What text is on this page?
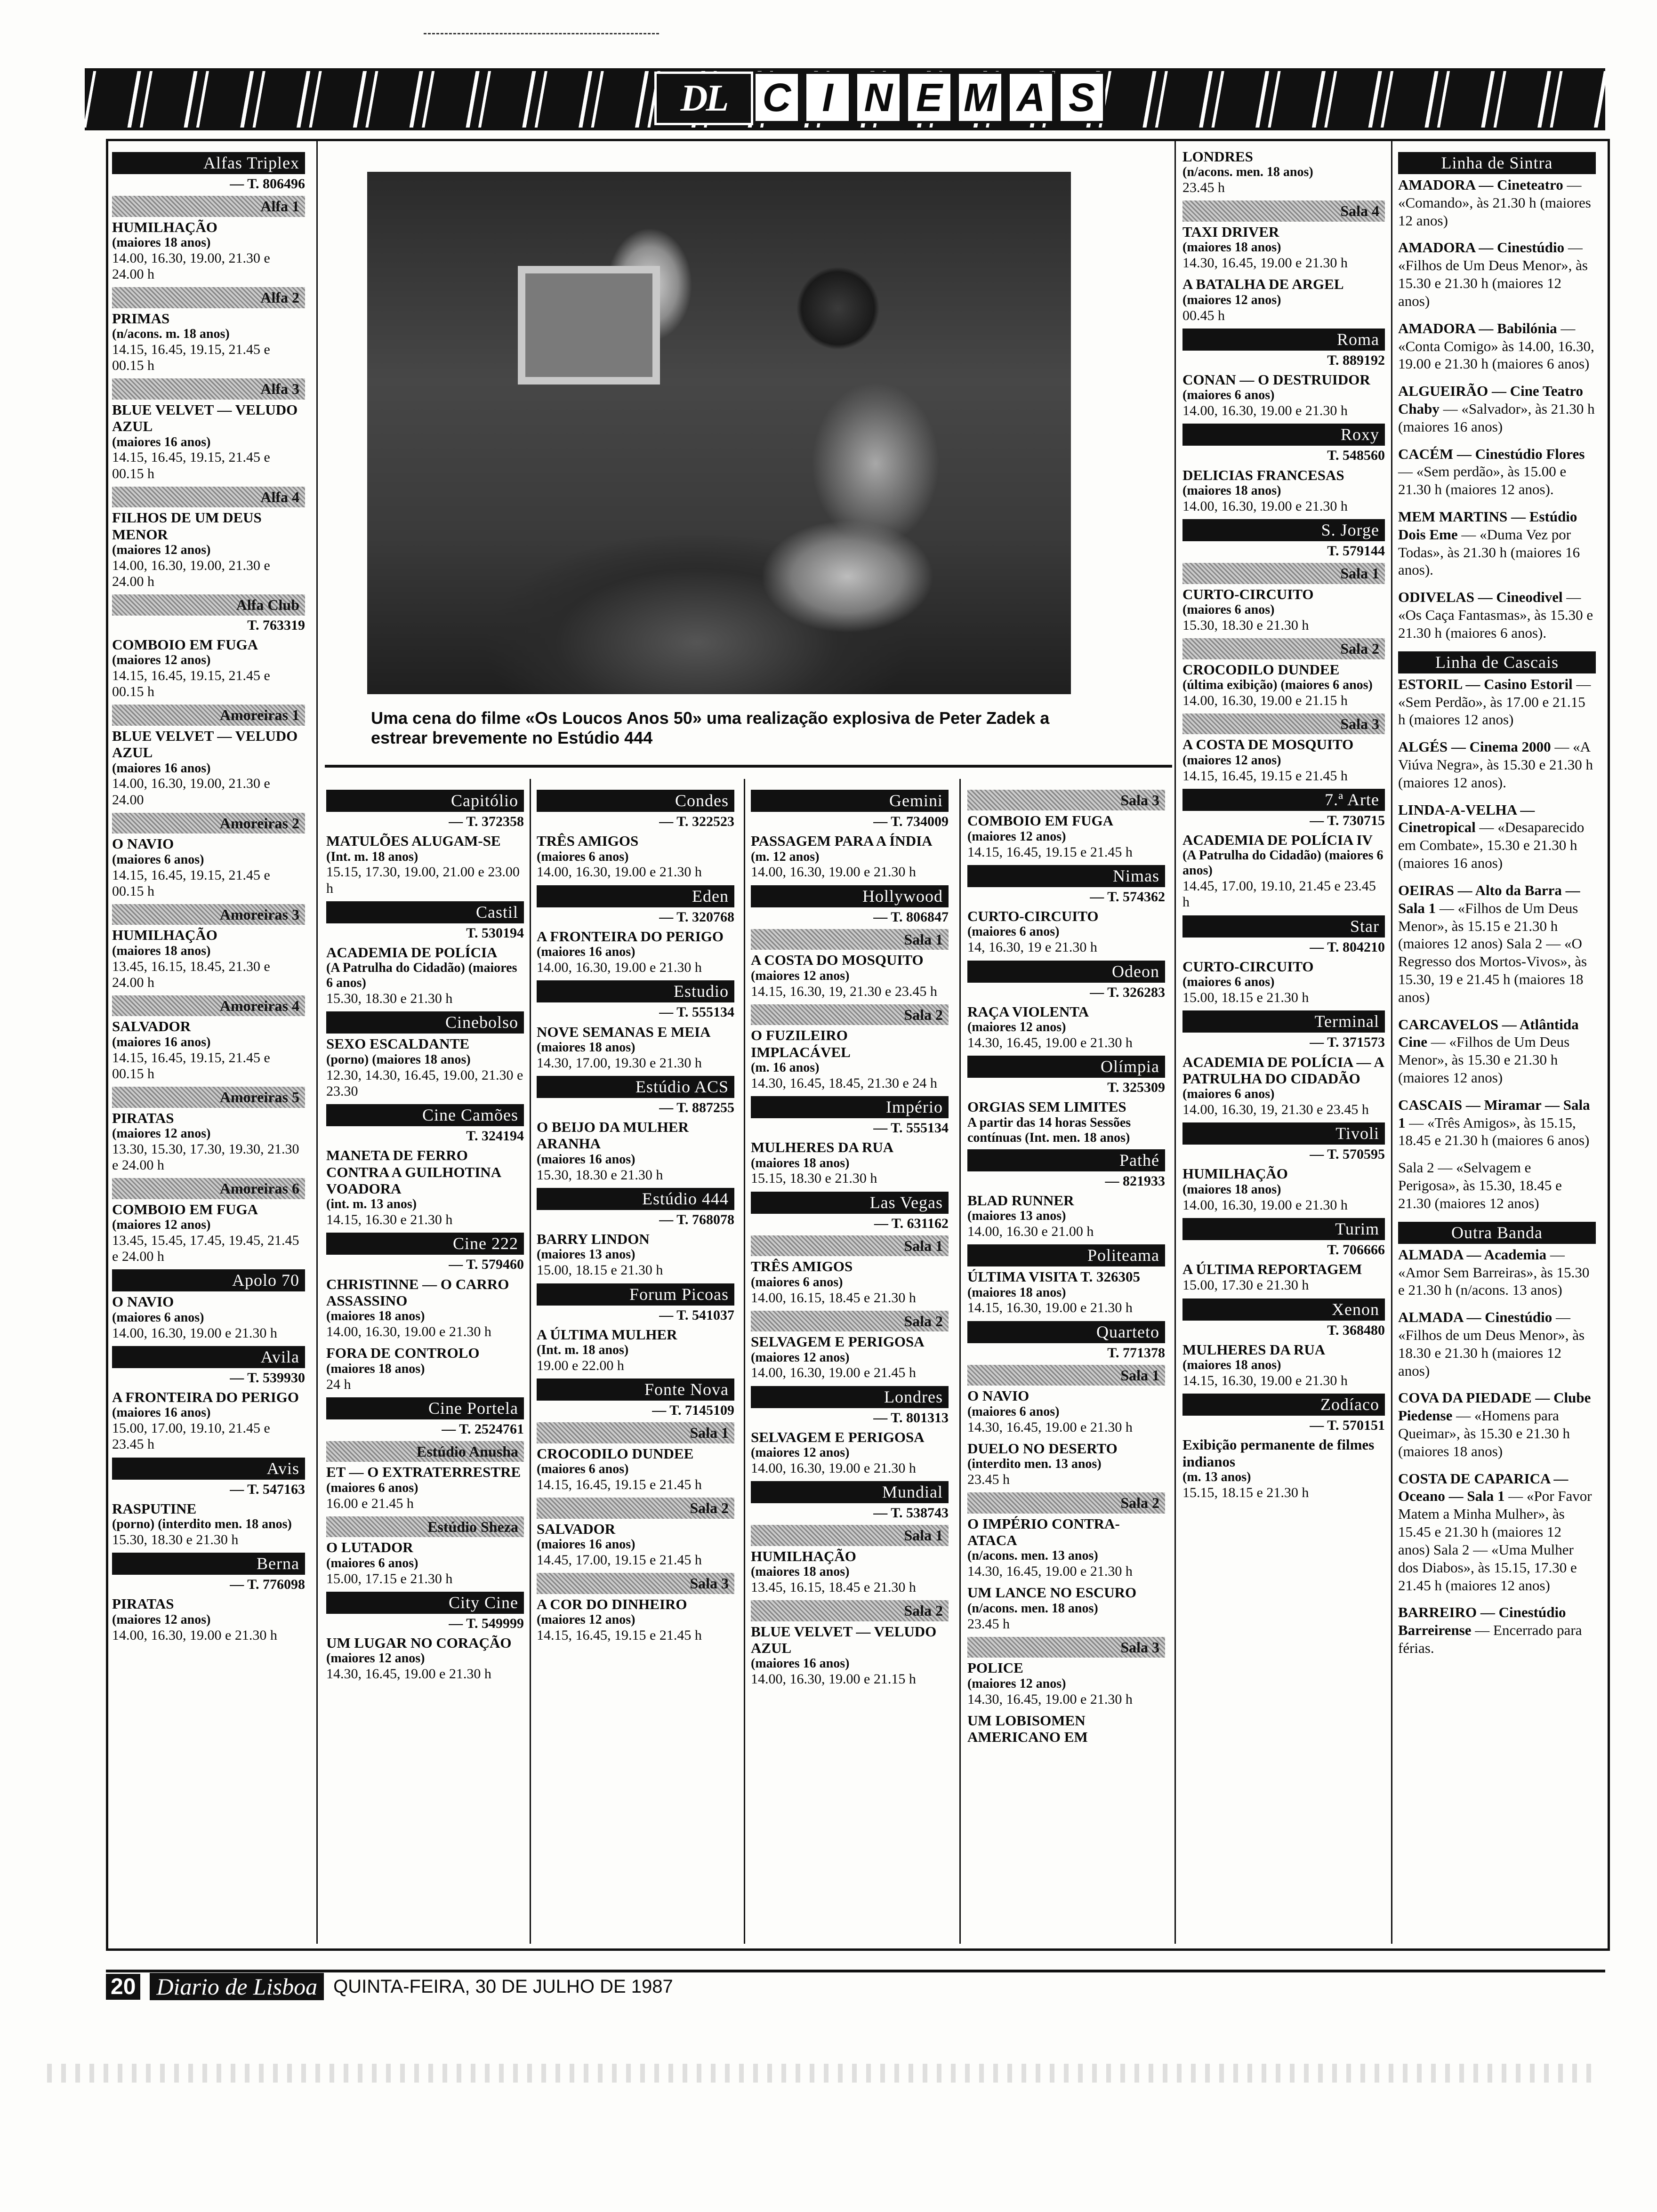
DL C I N E M A S
Uma cena do filme «Os Loucos Anos 50» uma realização explosiva de Peter Zadek a estrear brevemente no Estúdio 444
Alfas Triplex
— T. 806496
Alfa 1
HUMILHAÇÃO
(maiores 18 anos)
14.00, 16.30, 19.00, 21.30 e 24.00 h
Alfa 2
PRIMAS
(n/acons. m. 18 anos)
14.15, 16.45, 19.15, 21.45 e 00.15 h
Alfa 3
BLUE VELVET — VELUDO AZUL
(maiores 16 anos)
14.15, 16.45, 19.15, 21.45 e 00.15 h
Alfa 4
FILHOS DE UM DEUS MENOR
(maiores 12 anos)
14.00, 16.30, 19.00, 21.30 e 24.00 h
Alfa Club
T. 763319
COMBOIO EM FUGA
(maiores 12 anos)
14.15, 16.45, 19.15, 21.45 e 00.15 h
Amoreiras 1
BLUE VELVET — VELUDO AZUL
(maiores 16 anos)
14.00, 16.30, 19.00, 21.30 e 24.00
Amoreiras 2
O NAVIO
(maiores 6 anos)
14.15, 16.45, 19.15, 21.45 e 00.15 h
Amoreiras 3
HUMILHAÇÃO
(maiores 18 anos)
13.45, 16.15, 18.45, 21.30 e 24.00 h
Amoreiras 4
SALVADOR
(maiores 16 anos)
14.15, 16.45, 19.15, 21.45 e 00.15 h
Amoreiras 5
PIRATAS
(maiores 12 anos)
13.30, 15.30, 17.30, 19.30, 21.30 e 24.00 h
Amoreiras 6
COMBOIO EM FUGA
(maiores 12 anos)
13.45, 15.45, 17.45, 19.45, 21.45 e 24.00 h
Apolo 70
O NAVIO
(maiores 6 anos)
14.00, 16.30, 19.00 e 21.30 h
Avila
— T. 539930
A FRONTEIRA DO PERIGO
(maiores 16 anos)
15.00, 17.00, 19.10, 21.45 e 23.45 h
Avis
— T. 547163
RASPUTINE
(porno) (interdito men. 18 anos)
15.30, 18.30 e 21.30 h
Berna
— T. 776098
PIRATAS
(maiores 12 anos)
14.00, 16.30, 19.00 e 21.30 h
Capitólio
— T. 372358
MATULÕES ALUGAM-SE
(Int. m. 18 anos)
15.15, 17.30, 19.00, 21.00 e 23.00 h
Castil
T. 530194
ACADEMIA DE POLÍCIA
(A Patrulha do Cidadão) (maiores 6 anos)
15.30, 18.30 e 21.30 h
Cinebolso
SEXO ESCALDANTE
(porno) (maiores 18 anos)
12.30, 14.30, 16.45, 19.00, 21.30 e 23.30
Cine Camões
T. 324194
MANETA DE FERRO CONTRA A GUILHOTINA VOADORA
(int. m. 13 anos)
14.15, 16.30 e 21.30 h
Cine 222
— T. 579460
CHRISTINNE — O CARRO ASSASSINO
(maiores 18 anos)
14.00, 16.30, 19.00 e 21.30 h
FORA DE CONTROLO
(maiores 18 anos)
24 h
Cine Portela
— T. 2524761
Estúdio Anusha
ET — O EXTRATERRESTRE
(maiores 6 anos)
16.00 e 21.45 h
Estúdio Sheza
O LUTADOR
(maiores 6 anos)
15.00, 17.15 e 21.30 h
City Cine
— T. 549999
UM LUGAR NO CORAÇÃO
(maiores 12 anos)
14.30, 16.45, 19.00 e 21.30 h
Condes
— T. 322523
TRÊS AMIGOS
(maiores 6 anos)
14.00, 16.30, 19.00 e 21.30 h
Eden
— T. 320768
A FRONTEIRA DO PERIGO
(maiores 16 anos)
14.00, 16.30, 19.00 e 21.30 h
Estudio
— T. 555134
NOVE SEMANAS E MEIA
(maiores 18 anos)
14.30, 17.00, 19.30 e 21.30 h
Estúdio ACS
— T. 887255
O BEIJO DA MULHER ARANHA
(maiores 16 anos)
15.30, 18.30 e 21.30 h
Estúdio 444
— T. 768078
BARRY LINDON
(maiores 13 anos)
15.00, 18.15 e 21.30 h
Forum Picoas
— T. 541037
A ÚLTIMA MULHER
(Int. m. 18 anos)
19.00 e 22.00 h
Fonte Nova
— T. 7145109
Sala 1
CROCODILO DUNDEE
(maiores 6 anos)
14.15, 16.45, 19.15 e 21.45 h
Sala 2
SALVADOR
(maiores 16 anos)
14.45, 17.00, 19.15 e 21.45 h
Sala 3
A COR DO DINHEIRO
(maiores 12 anos)
14.15, 16.45, 19.15 e 21.45 h
Gemini
— T. 734009
PASSAGEM PARA A ÍNDIA
(m. 12 anos)
14.00, 16.30, 19.00 e 21.30 h
Hollywood
— T. 806847
Sala 1
A COSTA DO MOSQUITO
(maiores 12 anos)
14.15, 16.30, 19, 21.30 e 23.45 h
Sala 2
O FUZILEIRO IMPLACÁVEL
(m. 16 anos)
14.30, 16.45, 18.45, 21.30 e 24 h
Império
— T. 555134
MULHERES DA RUA
(maiores 18 anos)
15.15, 18.30 e 21.30 h
Las Vegas
— T. 631162
Sala 1
TRÊS AMIGOS
(maiores 6 anos)
14.00, 16.15, 18.45 e 21.30 h
Sala 2
SELVAGEM E PERIGOSA
(maiores 12 anos)
14.00, 16.30, 19.00 e 21.45 h
Londres
— T. 801313
SELVAGEM E PERIGOSA
(maiores 12 anos)
14.00, 16.30, 19.00 e 21.30 h
Mundial
— T. 538743
Sala 1
HUMILHAÇÃO
(maiores 18 anos)
13.45, 16.15, 18.45 e 21.30 h
Sala 2
BLUE VELVET — VELUDO AZUL
(maiores 16 anos)
14.00, 16.30, 19.00 e 21.15 h
Sala 3
COMBOIO EM FUGA
(maiores 12 anos)
14.15, 16.45, 19.15 e 21.45 h
Nimas
— T. 574362
CURTO-CIRCUITO
(maiores 6 anos)
14, 16.30, 19 e 21.30 h
Odeon
— T. 326283
RAÇA VIOLENTA
(maiores 12 anos)
14.30, 16.45, 19.00 e 21.30 h
Olímpia
T. 325309
ORGIAS SEM LIMITES
A partir das 14 horas Sessões contínuas (Int. men. 18 anos)
Pathé
— 821933
BLAD RUNNER
(maiores 13 anos)
14.00, 16.30 e 21.00 h
Politeama
ÚLTIMA VISITA T. 326305
(maiores 18 anos)
14.15, 16.30, 19.00 e 21.30 h
Quarteto
T. 771378
Sala 1
O NAVIO
(maiores 6 anos)
14.30, 16.45, 19.00 e 21.30 h
DUELO NO DESERTO
(interdito men. 13 anos)
23.45 h
Sala 2
O IMPÉRIO CONTRA-ATACA
(n/acons. men. 13 anos)
14.30, 16.45, 19.00 e 21.30 h
UM LANCE NO ESCURO
(n/acons. men. 18 anos)
23.45 h
Sala 3
POLICE
(maiores 12 anos)
14.30, 16.45, 19.00 e 21.30 h
UM LOBISOMEN AMERICANO EM
LONDRES
(n/acons. men. 18 anos)
23.45 h
Sala 4
TAXI DRIVER
(maiores 18 anos)
14.30, 16.45, 19.00 e 21.30 h
A BATALHA DE ARGEL
(maiores 12 anos)
00.45 h
Roma
T. 889192
CONAN — O DESTRUIDOR
(maiores 6 anos)
14.00, 16.30, 19.00 e 21.30 h
Roxy
T. 548560
DELICIAS FRANCESAS
(maiores 18 anos)
14.00, 16.30, 19.00 e 21.30 h
S. Jorge
T. 579144
Sala 1
CURTO-CIRCUITO
(maiores 6 anos)
15.30, 18.30 e 21.30 h
Sala 2
CROCODILO DUNDEE
(última exibição) (maiores 6 anos)
14.00, 16.30, 19.00 e 21.15 h
Sala 3
A COSTA DE MOSQUITO
(maiores 12 anos)
14.15, 16.45, 19.15 e 21.45 h
7.ª Arte
— T. 730715
ACADEMIA DE POLÍCIA IV
(A Patrulha do Cidadão) (maiores 6 anos)
14.45, 17.00, 19.10, 21.45 e 23.45 h
Star
— T. 804210
CURTO-CIRCUITO
(maiores 6 anos)
15.00, 18.15 e 21.30 h
Terminal
— T. 371573
ACADEMIA DE POLÍCIA — A PATRULHA DO CIDADÃO
(maiores 6 anos)
14.00, 16.30, 19, 21.30 e 23.45 h
Tivoli
— T. 570595
HUMILHAÇÃO
(maiores 18 anos)
14.00, 16.30, 19.00 e 21.30 h
Turim
T. 706666
A ÚLTIMA REPORTAGEM
15.00, 17.30 e 21.30 h
Xenon
T. 368480
MULHERES DA RUA
(maiores 18 anos)
14.15, 16.30, 19.00 e 21.30 h
Zodíaco
— T. 570151
Exibição permanente de filmes indianos
(m. 13 anos)
15.15, 18.15 e 21.30 h
Linha de Sintra

AMADORA — Cineteatro — «Comando», às 21.30 h (maiores 12 anos)

AMADORA — Cinestúdio — «Filhos de Um Deus Menor», às 15.30 e 21.30 h (maiores 12 anos)

AMADORA — Babilónia — «Conta Comigo» às 14.00, 16.30, 19.00 e 21.30 h (maiores 6 anos)

ALGUEIRÃO — Cine Teatro Chaby — «Salvador», às 21.30 h (maiores 16 anos)

CACÉM — Cinestúdio Flores — «Sem perdão», às 15.00 e 21.30 h (maiores 12 anos).

MEM MARTINS — Estúdio Dois Eme — «Duma Vez por Todas», às 21.30 h (maiores 16 anos).

ODIVELAS — Cineodivel — «Os Caça Fantasmas», às 15.30 e 21.30 h (maiores 6 anos).

Linha de Cascais

ESTORIL — Casino Estoril — «Sem Perdão», às 17.00 e 21.15 h (maiores 12 anos)

ALGÉS — Cinema 2000 — «A Viúva Negra», às 15.30 e 21.30 h (maiores 12 anos).

LINDA-A-VELHA — Cinetropical — «Desaparecido em Combate», 15.30 e 21.30 h (maiores 16 anos)

OEIRAS — Alto da Barra — Sala 1 — «Filhos de Um Deus Menor», às 15.15 e 21.30 h (maiores 12 anos) Sala 2 — «O Regresso dos Mortos-Vivos», às 15.30, 19 e 21.45 h (maiores 18 anos)

CARCAVELOS — Atlântida Cine — «Filhos de Um Deus Menor», às 15.30 e 21.30 h (maiores 12 anos)

CASCAIS — Miramar — Sala 1 — «Três Amigos», às 15.15, 18.45 e 21.30 h (maiores 6 anos)

Sala 2 — «Selvagem e Perigosa», às 15.30, 18.45 e 21.30 (maiores 12 anos)

Outra Banda

ALMADA — Academia — «Amor Sem Barreiras», às 15.30 e 21.30 h (n/acons. 13 anos)

ALMADA — Cinestúdio — «Filhos de um Deus Menor», às 18.30 e 21.30 h (maiores 12 anos)

COVA DA PIEDADE — Clube Piedense — «Homens para Queimar», às 15.30 e 21.30 h (maiores 18 anos)

COSTA DE CAPARICA — Oceano — Sala 1 — «Por Favor Matem a Minha Mulher», às 15.45 e 21.30 h (maiores 12 anos) Sala 2 — «Uma Mulher dos Diabos», às 15.15, 17.30 e 21.45 h (maiores 12 anos)

BARREIRO — Cinestúdio Barreirense — Encerrado para férias.

20 Diario de Lisboa QUINTA-FEIRA, 30 DE JULHO DE 1987
